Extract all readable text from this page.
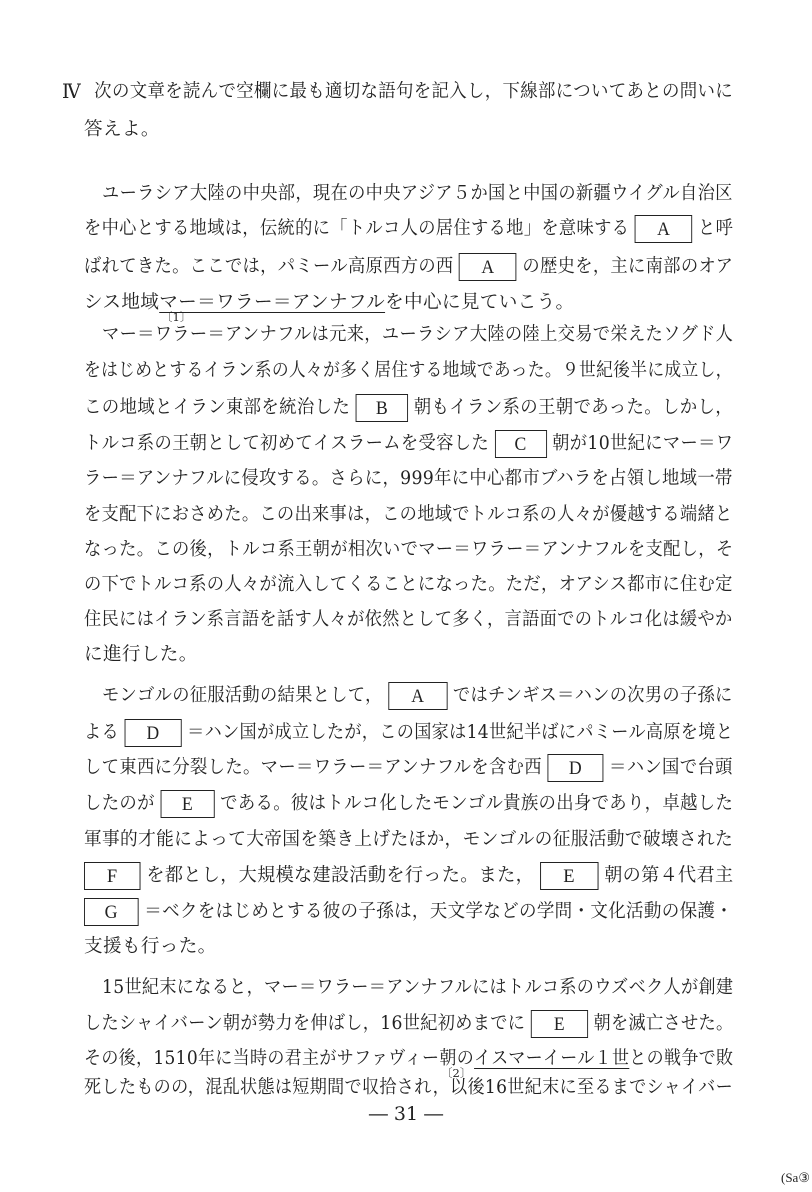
Ⅳ 次の文章を読んで空欄に最も適切な語句を記入し，下線部についてあとの問いに
答えよ。
ユーラシア大陸の中央部，現在の中央アジア５か国と中国の新疆ウイグル自治区
を中心とする地域は，伝統的に「トルコ人の居住する地」を意味する A と呼
ばれてきた。ここでは，パミール高原西方の西 A の歴史を，主に南部のオア
シス地域マー＝ワラー＝アンナフルを中心に見ていこう。
〔1〕
マー＝ワラー＝アンナフルは元来，ユーラシア大陸の陸上交易で栄えたソグド人
をはじめとするイラン系の人々が多く居住する地域であった。９世紀後半に成立し，
この地域とイラン東部を統治した B 朝もイラン系の王朝であった。しかし，
トルコ系の王朝として初めてイスラームを受容した C 朝が10世紀にマー＝ワ
ラー＝アンナフルに侵攻する。さらに，999年に中心都市ブハラを占領し地域一帯
を支配下におさめた。この出来事は，この地域でトルコ系の人々が優越する端緒と
なった。この後，トルコ系王朝が相次いでマー＝ワラー＝アンナフルを支配し，そ
の下でトルコ系の人々が流入してくることになった。ただ，オアシス都市に住む定
住民にはイラン系言語を話す人々が依然として多く，言語面でのトルコ化は緩やか
に進行した。
モンゴルの征服活動の結果として， A ではチンギス＝ハンの次男の子孫に
よる D ＝ハン国が成立したが，この国家は14世紀半ばにパミール高原を境と
して東西に分裂した。マー＝ワラー＝アンナフルを含む西 D ＝ハン国で台頭
したのが E である。彼はトルコ化したモンゴル貴族の出身であり，卓越した
軍事的才能によって大帝国を築き上げたほか，モンゴルの征服活動で破壊された
F を都とし，大規模な建設活動を行った。また， E 朝の第４代君主
G ＝ベクをはじめとする彼の子孫は，天文学などの学問・文化活動の保護・
支援も行った。
15世紀末になると，マー＝ワラー＝アンナフルにはトルコ系のウズベク人が創建
したシャイバーン朝が勢力を伸ばし，16世紀初めまでに E 朝を滅亡させた。
その後，1510年に当時の君主がサファヴィー朝のイスマーイール１世との戦争で敗
〔2〕
死したものの，混乱状態は短期間で収拾され，以後16世紀末に至るまでシャイバー
― 31 ―
(Sa③
